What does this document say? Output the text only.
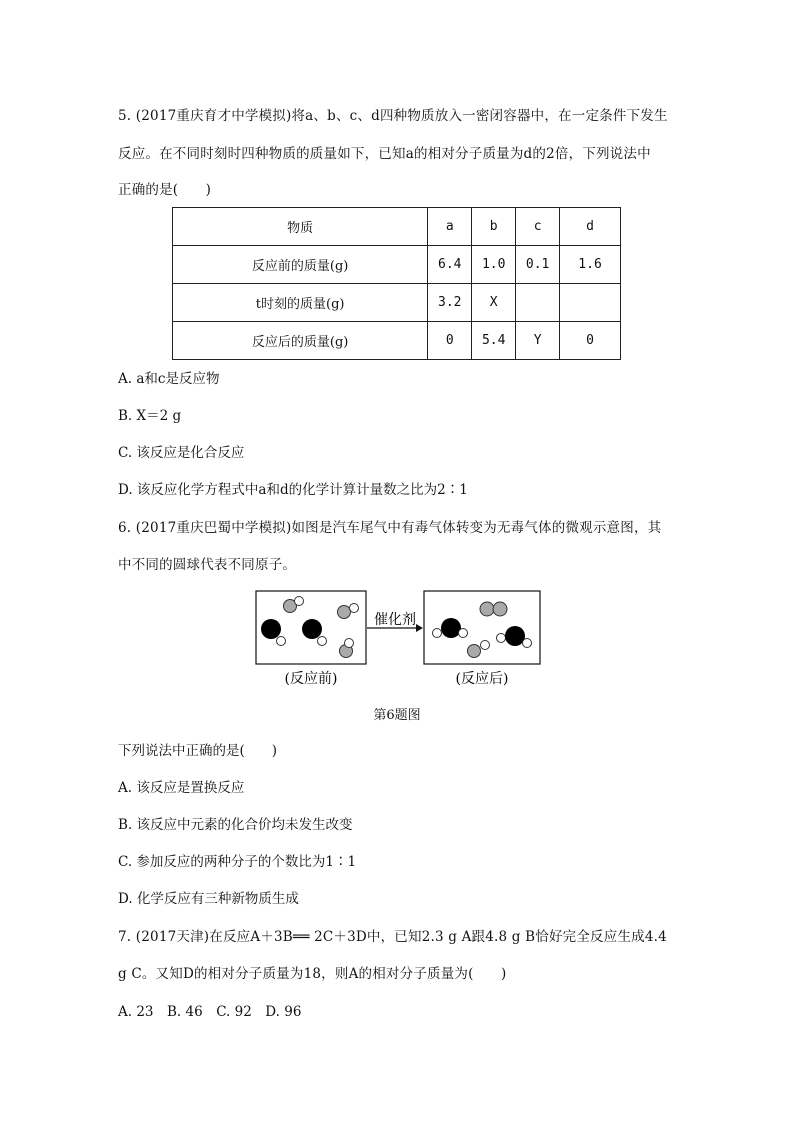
5. (2017重庆育才中学模拟)将a、b、c、d四种物质放入一密闭容器中，在一定条件下发生
反应。在不同时刻时四种物质的质量如下，已知a的相对分子质量为d的2倍，下列说法中
正确的是(　　)
物质	a	b	c	d
反应前的质量(g)	6.4	1.0	0.1	1.6
t时刻的质量(g)	3.2	X		
反应后的质量(g)	0	5.4	Y	0
A. a和c是反应物
B. X＝2 g
C. 该反应是化合反应
D. 该反应化学方程式中a和d的化学计算计量数之比为2∶1
6. (2017重庆巴蜀中学模拟)如图是汽车尾气中有毒气体转变为无毒气体的微观示意图，其
中不同的圆球代表不同原子。
催化剂
(反应前)	(反应后)
第6题图
下列说法中正确的是(　　)
A. 该反应是置换反应
B. 该反应中元素的化合价均未发生改变
C. 参加反应的两种分子的个数比为1∶1
D. 化学反应有三种新物质生成
7. (2017天津)在反应A＋3B══ 2C＋3D中，已知2.3 g A跟4.8 g B恰好完全反应生成4.4
g C。又知D的相对分子质量为18，则A的相对分子质量为(　　)
A. 23　B. 46　C. 92　D. 96
